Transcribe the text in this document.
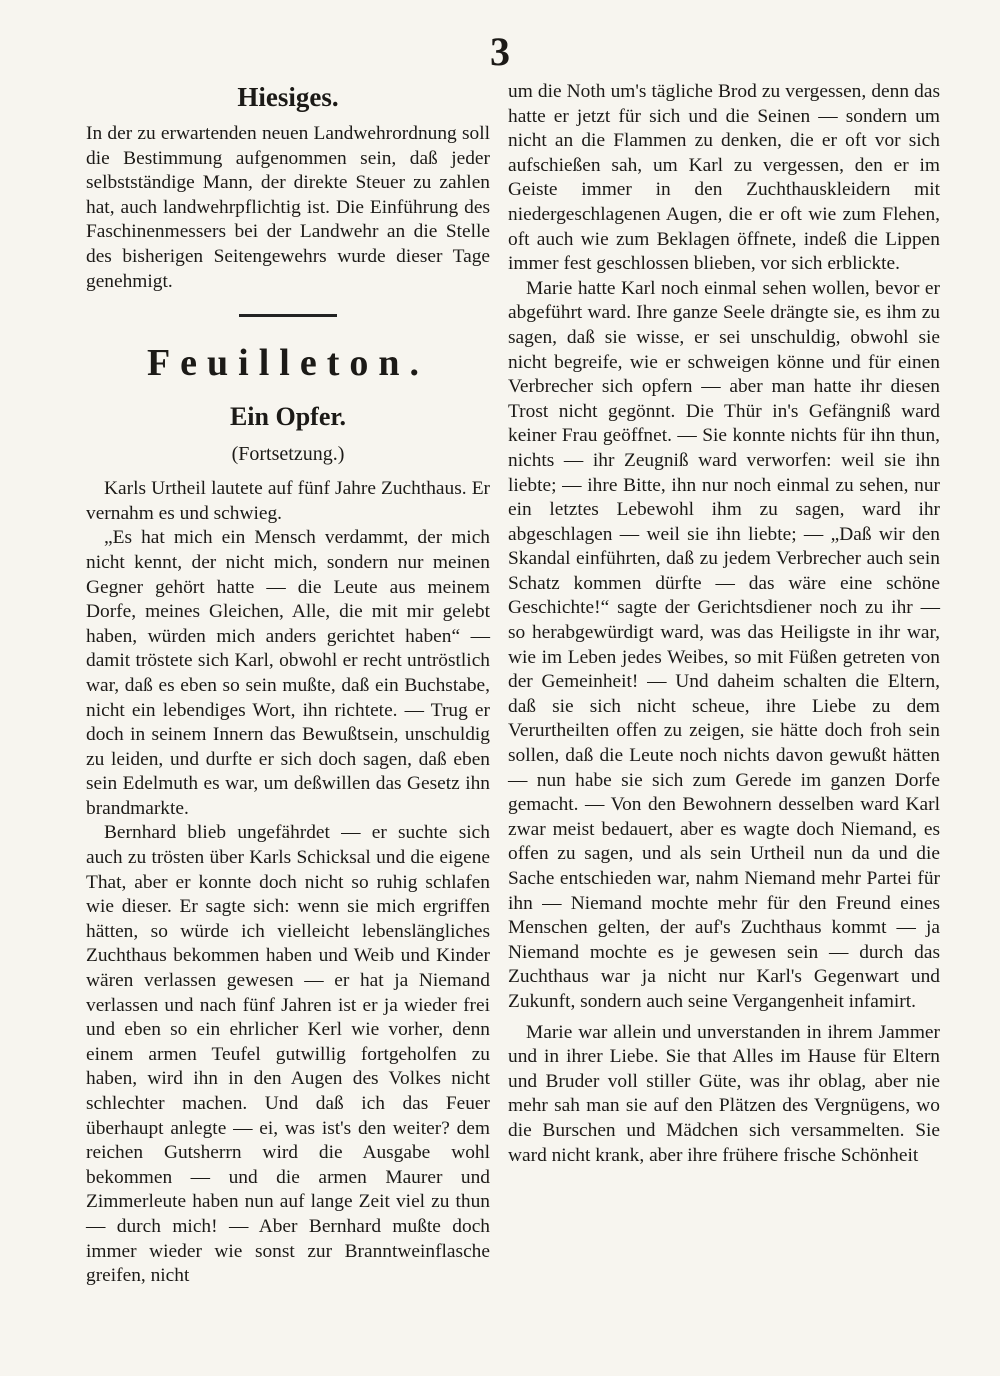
3
Hiesiges.

In der zu erwartenden neuen Landwehrordnung soll die Bestimmung aufgenommen sein, daß jeder selbstständige Mann, der direkte Steuer zu zahlen hat, auch landwehrpflichtig ist. Die Einführung des Faschinenmessers bei der Landwehr an die Stelle des bisherigen Seitengewehrs wurde dieser Tage genehmigt.

Feuilleton.
Ein Opfer.
(Fortsetzung.)

Karls Urtheil lautete auf fünf Jahre Zuchthaus. Er vernahm es und schwieg.

„Es hat mich ein Mensch verdammt, der mich nicht kennt, der nicht mich, sondern nur meinen Gegner gehört hatte — die Leute aus meinem Dorfe, meines Gleichen, Alle, die mit mir gelebt haben, würden mich anders gerichtet haben“ — damit tröstete sich Karl, obwohl er recht untröstlich war, daß es eben so sein mußte, daß ein Buchstabe, nicht ein lebendiges Wort, ihn richtete. — Trug er doch in seinem Innern das Bewußtsein, unschuldig zu leiden, und durfte er sich doch sagen, daß eben sein Edelmuth es war, um deßwillen das Gesetz ihn brandmarkte.

Bernhard blieb ungefährdet — er suchte sich auch zu trösten über Karls Schicksal und die eigene That, aber er konnte doch nicht so ruhig schlafen wie dieser. Er sagte sich: wenn sie mich ergriffen hätten, so würde ich vielleicht lebenslängliches Zuchthaus bekommen haben und Weib und Kinder wären verlassen gewesen — er hat ja Niemand verlassen und nach fünf Jahren ist er ja wieder frei und eben so ein ehrlicher Kerl wie vorher, denn einem armen Teufel gutwillig fortgeholfen zu haben, wird ihn in den Augen des Volkes nicht schlechter machen. Und daß ich das Feuer überhaupt anlegte — ei, was ist's den weiter? dem reichen Gutsherrn wird die Ausgabe wohl bekommen — und die armen Maurer und Zimmerleute haben nun auf lange Zeit viel zu thun — durch mich! — Aber Bernhard mußte doch immer wieder wie sonst zur Branntweinflasche greifen, nicht

um die Noth um's tägliche Brod zu vergessen, denn das hatte er jetzt für sich und die Seinen — sondern um nicht an die Flammen zu denken, die er oft vor sich aufschießen sah, um Karl zu vergessen, den er im Geiste immer in den Zuchthauskleidern mit niedergeschlagenen Augen, die er oft wie zum Flehen, oft auch wie zum Beklagen öffnete, indeß die Lippen immer fest geschlossen blieben, vor sich erblickte.

Marie hatte Karl noch einmal sehen wollen, bevor er abgeführt ward. Ihre ganze Seele drängte sie, es ihm zu sagen, daß sie wisse, er sei unschuldig, obwohl sie nicht begreife, wie er schweigen könne und für einen Verbrecher sich opfern — aber man hatte ihr diesen Trost nicht gegönnt. Die Thür in's Gefängniß ward keiner Frau geöffnet. — Sie konnte nichts für ihn thun, nichts — ihr Zeugniß ward verworfen: weil sie ihn liebte; — ihre Bitte, ihn nur noch einmal zu sehen, nur ein letztes Lebewohl ihm zu sagen, ward ihr abgeschlagen — weil sie ihn liebte; — „Daß wir den Skandal einführten, daß zu jedem Verbrecher auch sein Schatz kommen dürfte — das wäre eine schöne Geschichte!“ sagte der Gerichtsdiener noch zu ihr — so herabgewürdigt ward, was das Heiligste in ihr war, wie im Leben jedes Weibes, so mit Füßen getreten von der Gemeinheit! — Und daheim schalten die Eltern, daß sie sich nicht scheue, ihre Liebe zu dem Verurtheilten offen zu zeigen, sie hätte doch froh sein sollen, daß die Leute noch nichts davon gewußt hätten — nun habe sie sich zum Gerede im ganzen Dorfe gemacht. — Von den Bewohnern desselben ward Karl zwar meist bedauert, aber es wagte doch Niemand, es offen zu sagen, und als sein Urtheil nun da und die Sache entschieden war, nahm Niemand mehr Partei für ihn — Niemand mochte mehr für den Freund eines Menschen gelten, der auf's Zuchthaus kommt — ja Niemand mochte es je gewesen sein — durch das Zuchthaus war ja nicht nur Karl's Gegenwart und Zukunft, sondern auch seine Vergangenheit infamirt.

Marie war allein und unverstanden in ihrem Jammer und in ihrer Liebe. Sie that Alles im Hause für Eltern und Bruder voll stiller Güte, was ihr oblag, aber nie mehr sah man sie auf den Plätzen des Vergnügens, wo die Burschen und Mädchen sich versammelten. Sie ward nicht krank, aber ihre frühere frische Schönheit
